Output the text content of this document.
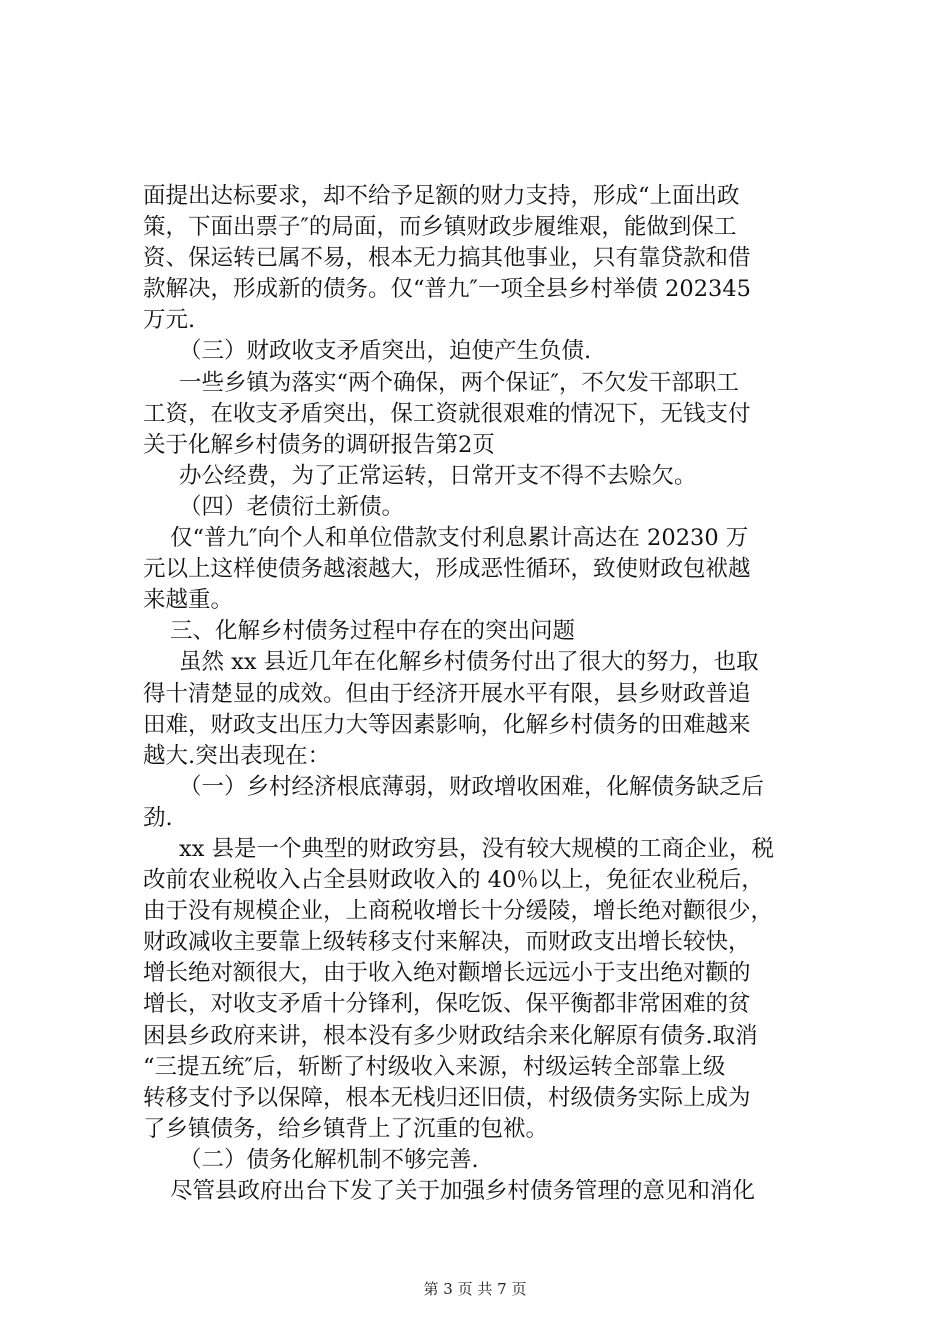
面提出达标要求，却不给予足额的财力支持，形成“上面出政
策，下面出票子″的局面，而乡镇财政步履维艰，能做到保工
资、保运转已属不易，根本无力搞其他事业，只有靠贷款和借
款解决，形成新的债务。仅“普九″一项全县乡村举债 202345
万元.
（三）财政收支矛盾突出，迫使产生负债.
一些乡镇为落实“两个确保，两个保证″，不欠发干部职工
工资，在收支矛盾突出，保工资就很艰难的情况下，无钱支付
关于化解乡村债务的调研报告第2页
办公经费，为了正常运转，日常开支不得不去赊欠。
（四）老债衍土新债。
仅“普九″向个人和单位借款支付利息累计高达在 20230 万
元以上这样使债务越滚越大，形成恶性循环，致使财政包袱越
来越重。
三、化解乡村债务过程中存在的突出问题
虽然 xx 县近几年在化解乡村债务付出了很大的努力，也取
得十清楚显的成效。但由于经济开展水平有限，县乡财政普追
田难，财政支出压力大等因素影响，化解乡村债务的田难越来
越大.突出表现在：
（一）乡村经济根底薄弱，财政增收困难，化解债务缺乏后
劲.
xx 县是一个典型的财政穷县，没有较大规模的工商企业，税
改前农业税收入占全县财政收入的 40％以上，免征农业税后，
由于没有规模企业，上商税收增长十分缓陵，增长绝对颧很少，
财政减收主要靠上级转移支付来解决，而财政支出增长较快，
增长绝对额很大，由于收入绝对颧增长远远小于支出绝对颧的
增长，对收支矛盾十分锋利，保吃饭、保平衡都非常困难的贫
困县乡政府来讲，根本没有多少财政结余来化解原有债务.取消
“三提五统″后，斩断了村级收入来源，村级运转全部靠上级
转移支付予以保障，根本无栈归还旧债，村级债务实际上成为
了乡镇债务，给乡镇背上了沉重的包袱。
（二）债务化解机制不够完善.
尽管县政府出台下发了关于加强乡村债务管理的意见和消化
第 3 页 共 7 页
